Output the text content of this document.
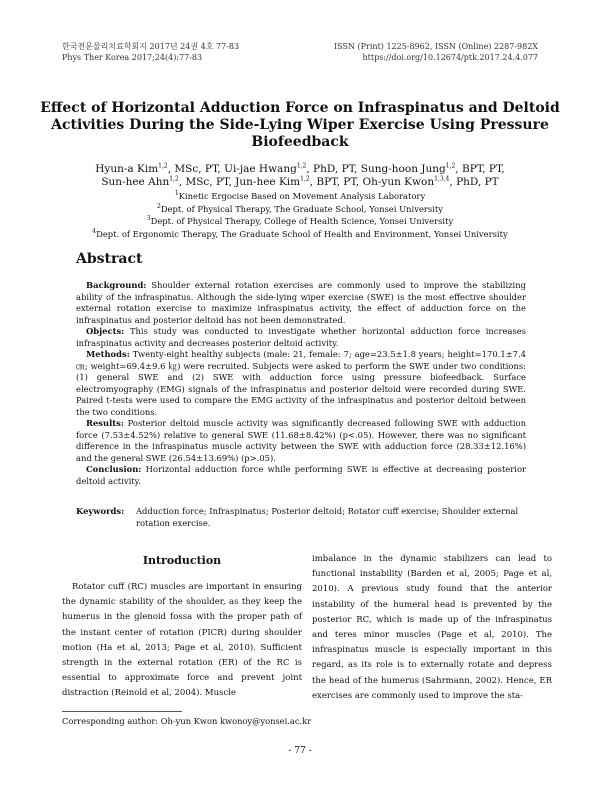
한국전문물리치료학회지 2017년 24권 4호 77-83
Phys Ther Korea 2017;24(4):77-83
ISSN (Print) 1225-8962, ISSN (Online) 2287-982X
https://doi.org/10.12674/ptk.2017.24.4.077
Effect of Horizontal Adduction Force on Infraspinatus and Deltoid Activities During the Side-Lying Wiper Exercise Using Pressure Biofeedback
Hyun-a Kim$^{1,2}$, MSc, PT, Ui-jae Hwang$^{1,2}$, PhD, PT, Sung-hoon Jung$^{1,2}$, BPT, PT,
Sun-hee Ahn$^{1,2}$, MSc, PT, Jun-hee Kim$^{1,2}$, BPT, PT, Oh-yun Kwon$^{1,3,4}$, PhD, PT
$^1$Kinetic Ergocise Based on Movement Analysis Laboratory
$^2$Dept. of Physical Therapy, The Graduate School, Yonsei University
$^3$Dept. of Physical Therapy, College of Health Science, Yonsei University
$^4$Dept. of Ergonomic Therapy, The Graduate School of Health and Environment, Yonsei University
Abstract

Background: Shoulder external rotation exercises are commonly used to improve the stabilizing ability of the infraspinatus. Although the side-lying wiper exercise (SWE) is the most effective shoulder external rotation exercise to maximize infraspinatus activity, the effect of adduction force on the infraspinatus and posterior deltoid has not been demonstrated.

Objects: This study was conducted to investigate whether horizontal adduction force increases infraspinatus activity and decreases posterior deltoid activity.

Methods: Twenty-eight healthy subjects (male: 21, female: 7; age=23.5±1.8 years; height=170.1±7.4 ㎝; weight=69.4±9.6 ㎏) were recruited. Subjects were asked to perform the SWE under two conditions: (1) general SWE and (2) SWE with adduction force using pressure biofeedback. Surface electromyography (EMG) signals of the infraspinatus and posterior deltoid were recorded during SWE. Paired t-tests were used to compare the EMG activity of the infraspinatus and posterior deltoid between the two conditions.

Results: Posterior deltoid muscle activity was significantly decreased following SWE with adduction force (7.53±4.52%) relative to general SWE (11.68±8.42%) (p<.05). However, there was no significant difference in the infraspinatus muscle activity between the SWE with adduction force (28.33±12.16%) and the general SWE (26.54±13.69%) (p>.05).

Conclusion: Horizontal adduction force while performing SWE is effective at decreasing posterior deltoid activity.

Keywords: Adduction force; Infraspinatus; Posterior deltoid; Rotator cuff exercise; Shoulder external rotation exercise.
Introduction

Rotator cuff (RC) muscles are important in ensuring the dynamic stability of the shoulder, as they keep the humerus in the glenoid fossa with the proper path of the instant center of rotation (PICR) during shoulder motion (Ha et al, 2013; Page et al, 2010). Sufficient strength in the external rotation (ER) of the RC is essential to approximate force and prevent joint distraction (Reinold et al, 2004). Muscle

imbalance in the dynamic stabilizers can lead to functional instability (Barden et al, 2005; Page et al, 2010). A previous study found that the anterior instability of the humeral head is prevented by the posterior RC, which is made up of the infraspinatus and teres minor muscles (Page et al, 2010). The infraspinatus muscle is especially important in this regard, as its role is to externally rotate and depress the head of the humerus (Sahrmann, 2002). Hence, ER exercises are commonly used to improve the sta-

Corresponding author: Oh-yun Kwon kwonoy@yonsei.ac.kr
- 77 -
